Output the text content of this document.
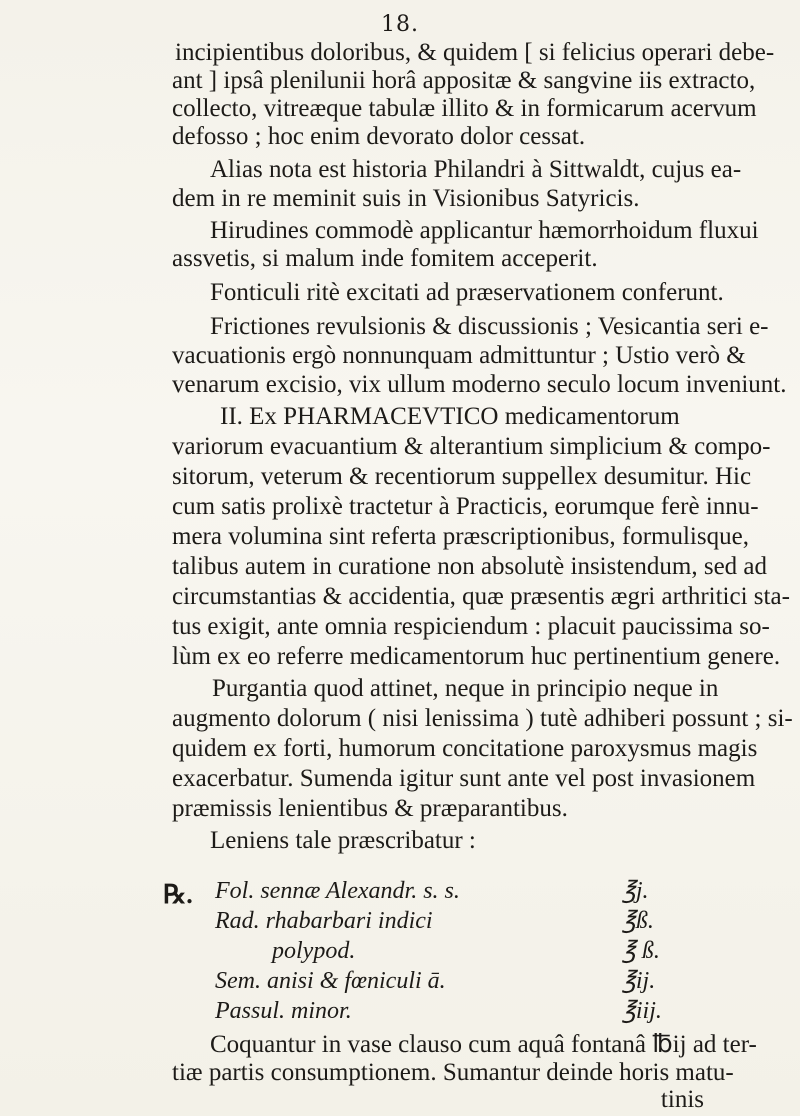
18.
incipientibus doloribus, & quidem [ si felicius operari debe-
ant ] ipsâ plenilunii horâ appositæ & sangvine iis extracto,
collecto, vitreæque tabulæ illito & in formicarum acervum
defosso ; hoc enim devorato dolor cessat.
Alias nota est historia Philandri à Sittwaldt, cujus ea-
dem in re meminit suis in Visionibus Satyricis.
Hirudines commodè applicantur hæmorrhoidum fluxui
assvetis, si malum inde fomitem acceperit.
Fonticuli ritè excitati ad præservationem conferunt.
Frictiones revulsionis & discussionis ; Vesicantia seri e-
vacuationis ergò nonnunquam admittuntur ; Ustio verò &
venarum excisio, vix ullum moderno seculo locum inveniunt.
II. Ex PHARMACEVTICO medicamentorum
variorum evacuantium & alterantium simplicium & compo-
sitorum, veterum & recentiorum suppellex desumitur. Hic
cum satis prolixè tractetur à Practicis, eorumque ferè innu-
mera volumina sint referta præscriptionibus, formulisque,
talibus autem in curatione non absolutè insistendum, sed ad
circumstantias & accidentia, quæ præsentis ægri arthritici sta-
tus exigit, ante omnia respiciendum : placuit paucissima so-
lùm ex eo referre medicamentorum huc pertinentium genere.
Purgantia quod attinet, neque in principio neque in
augmento dolorum ( nisi lenissima ) tutè adhiberi possunt ; si-
quidem ex forti, humorum concitatione paroxysmus magis
exacerbatur. Sumenda igitur sunt ante vel post invasionem
præmissis lenientibus & præparantibus.
Leniens tale præscribatur :
℞. Fol. sennæ Alexandr. s. s.	℥j.
Rad. rhabarbari indici	℥ß.
polypod.	℥ ß.
Sem. anisi & fœniculi ā.	℥ij.
Passul. minor.	℥iij.
Coquantur in vase clauso cum aquâ fontanâ ℔ij ad ter-
tiæ partis consumptionem. Sumantur deinde horis matu-
tinis
